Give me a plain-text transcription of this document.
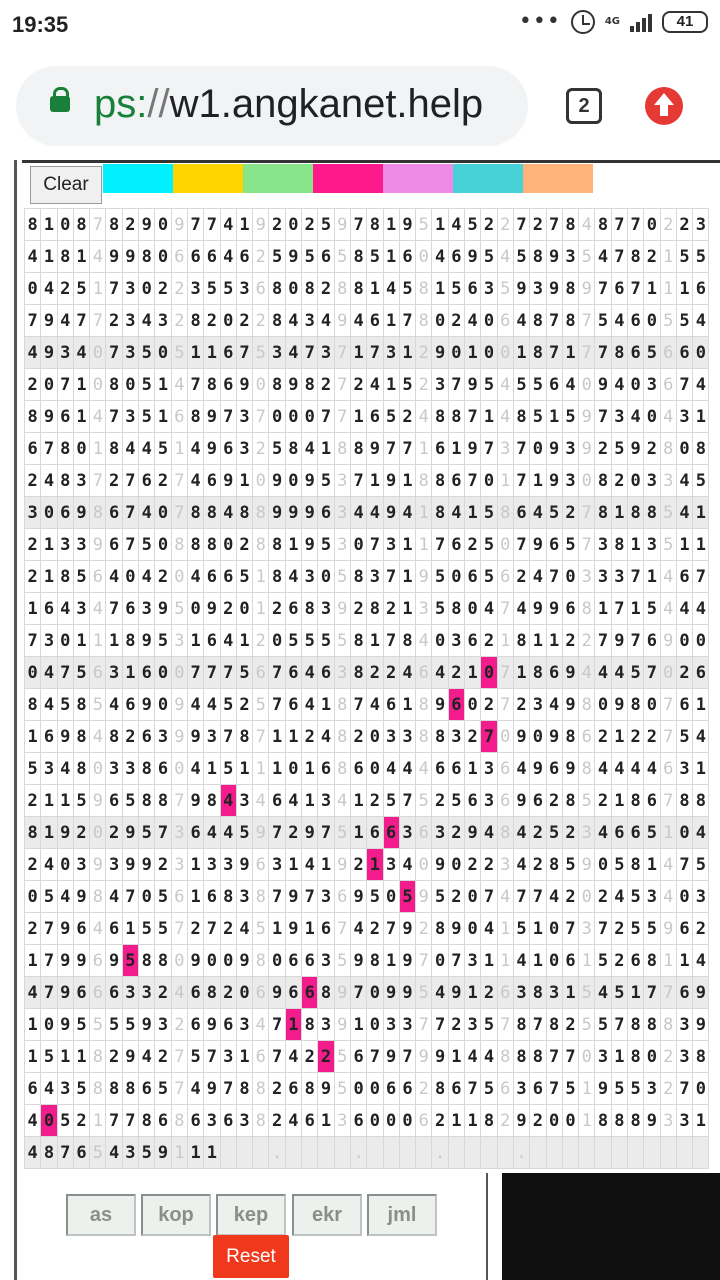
19:35	•••	4G	41
ps://w1.angkanet.help	2
Clear
8	1	0	8	7	8	2	9	0	9	7	7	4	1	9	2	0	2	5	9	7	8	1	9	5	1	4	5	2	2	7	2	7	8	4	8	7	7	0	2	2	3
4	1	8	1	4	9	9	8	0	6	6	6	4	6	2	5	9	5	6	5	8	5	1	6	0	4	6	9	5	4	5	8	9	3	5	4	7	8	2	1	5	5
0	4	2	5	1	7	3	0	2	2	3	5	5	3	6	8	0	8	2	8	8	1	4	5	8	1	5	6	3	5	9	3	9	8	9	7	6	7	1	1	1	6
7	9	4	7	7	2	3	4	3	2	8	2	0	2	2	8	4	3	4	9	4	6	1	7	8	0	2	4	0	6	4	8	7	8	7	5	4	6	0	5	5	4
4	9	3	4	0	7	3	5	0	5	1	1	6	7	5	3	4	7	3	7	1	7	3	1	2	9	0	1	0	0	1	8	7	1	7	7	8	6	5	6	6	0
2	0	7	1	0	8	0	5	1	4	7	8	6	9	0	8	9	8	2	7	2	4	1	5	2	3	7	9	5	4	5	5	6	4	0	9	4	0	3	6	7	4
8	9	6	1	4	7	3	5	1	6	8	9	7	3	7	0	0	0	7	7	1	6	5	2	4	8	8	7	1	4	8	5	1	5	9	7	3	4	0	4	3	1
6	7	8	0	1	8	4	4	5	1	4	9	6	3	2	5	8	4	1	8	8	9	7	7	1	6	1	9	7	3	7	0	9	3	9	2	5	9	2	8	0	8
2	4	8	3	7	2	7	6	2	7	4	6	9	1	0	9	0	9	5	3	7	1	9	1	8	8	6	7	0	1	7	1	9	3	0	8	2	0	3	3	4	5
3	0	6	9	8	6	7	4	0	7	8	8	4	8	8	9	9	9	6	3	4	4	9	4	1	8	4	1	5	8	6	4	5	2	7	8	1	8	8	5	4	1
2	1	3	3	9	6	7	5	0	8	8	8	0	2	8	8	1	9	5	3	0	7	3	1	1	7	6	2	5	0	7	9	6	5	7	3	8	1	3	5	1	1
2	1	8	5	6	4	0	4	2	0	4	6	6	5	1	8	4	3	0	5	8	3	7	1	9	5	0	6	5	6	2	4	7	0	3	3	3	7	1	4	6	7
1	6	4	3	4	7	6	3	9	5	0	9	2	0	1	2	6	8	3	9	2	8	2	1	3	5	8	0	4	7	4	9	9	6	8	1	7	1	5	4	4	4
7	3	0	1	1	1	8	9	5	3	1	6	4	1	2	0	5	5	5	5	8	1	7	8	4	0	3	6	2	1	8	1	1	2	2	7	9	7	6	9	0	0
0	4	7	5	6	3	1	6	0	0	7	7	7	5	6	7	6	4	6	3	8	2	2	4	6	4	2	1	0	7	1	8	6	9	4	4	4	5	7	0	2	6
8	4	5	8	5	4	6	9	0	9	4	4	5	2	5	7	6	4	1	8	7	4	6	1	8	9	6	0	2	7	2	3	4	9	8	0	9	8	0	7	6	1
1	6	9	8	4	8	2	6	3	9	9	3	7	8	7	1	1	2	4	8	2	0	3	3	8	8	3	2	7	0	9	0	9	8	6	2	1	2	2	7	5	4
5	3	4	8	0	3	3	8	6	0	4	1	5	1	1	1	0	1	6	8	6	0	4	4	4	6	6	1	3	6	4	9	6	9	8	4	4	4	4	6	3	1
2	1	1	5	9	6	5	8	8	7	9	8	4	3	4	6	4	1	3	4	1	2	5	7	5	2	5	6	3	6	9	6	2	8	5	2	1	8	6	7	8	8
8	1	9	2	0	2	9	5	7	3	6	4	4	5	9	7	2	9	7	5	1	6	6	3	6	3	2	9	4	8	4	2	5	2	3	4	6	6	5	1	0	4
2	4	0	3	9	3	9	9	2	3	1	3	3	9	6	3	1	4	1	9	2	1	3	4	0	9	0	2	2	3	4	2	8	5	9	0	5	8	1	4	7	5
0	5	4	9	8	4	7	0	5	6	1	6	8	3	8	7	9	7	3	6	9	5	0	5	9	5	2	0	7	4	7	7	4	2	0	2	4	5	3	4	0	3
2	7	9	6	4	6	1	5	5	7	2	7	2	4	5	1	9	1	6	7	4	2	7	9	2	8	9	0	4	1	5	1	0	7	3	7	2	5	5	9	6	2
1	7	9	9	6	9	5	8	8	0	9	0	0	9	8	0	6	6	3	5	9	8	1	9	7	0	7	3	1	1	4	1	0	6	1	5	2	6	8	1	1	4
4	7	9	6	6	6	3	3	2	4	6	8	2	0	6	9	6	6	8	9	7	0	9	9	5	4	9	1	2	6	3	8	3	1	5	4	5	1	7	7	6	9
1	0	9	5	5	5	5	9	3	2	6	9	6	3	4	7	1	8	3	9	1	0	3	3	7	7	2	3	5	7	8	7	8	2	5	5	7	8	8	8	3	9
1	5	1	1	8	2	9	4	2	7	5	7	3	1	6	7	4	2	2	5	6	7	9	7	9	9	1	4	4	8	8	8	7	7	0	3	1	8	0	2	3	8
6	4	3	5	8	8	8	6	5	7	4	9	7	8	8	2	6	8	9	5	0	0	6	6	2	8	6	7	5	6	3	6	7	5	1	9	5	5	3	2	7	0
4	0	5	2	1	7	7	8	6	8	6	3	6	3	8	2	4	6	1	3	6	0	0	0	6	2	1	1	8	2	9	2	0	0	1	8	8	8	9	3	3	1
4	8	7	6	5	4	3	5	9	1	1	1				.					.					.					.											
as	kop	kep	ekr	jml
Reset
